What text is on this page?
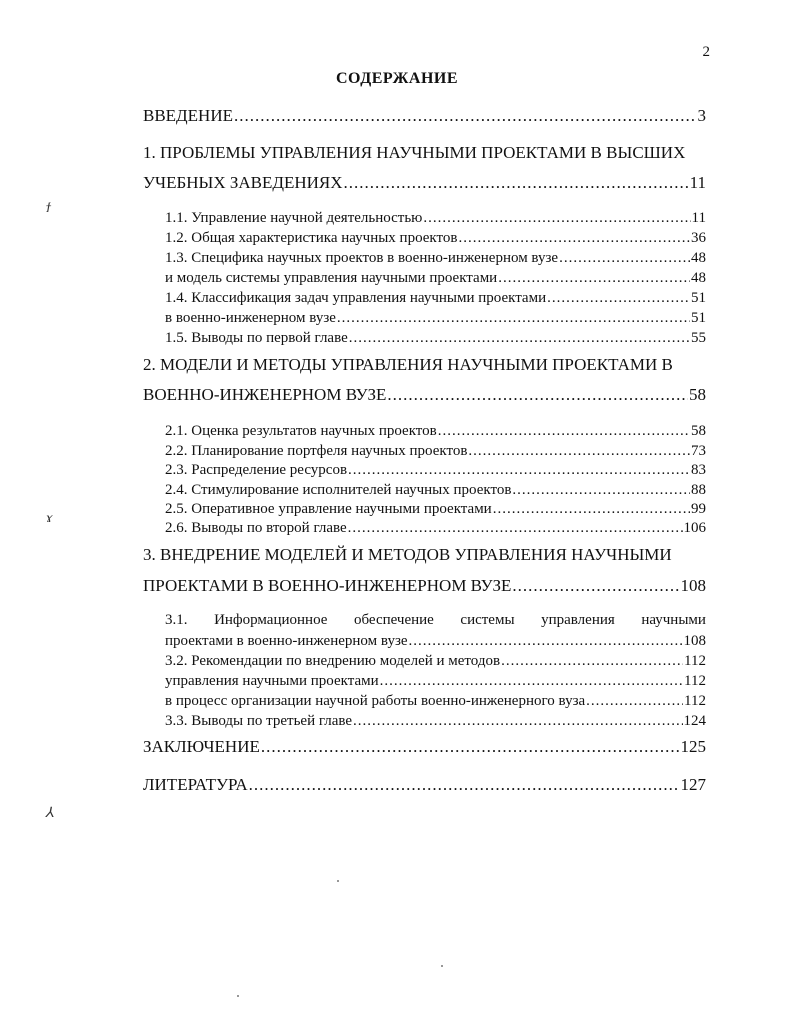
2
СОДЕРЖАНИЕ
ВВЕДЕНИЕ .....	3
1. ПРОБЛЕМЫ УПРАВЛЕНИЯ НАУЧНЫМИ ПРОЕКТАМИ В ВЫСШИХ
УЧЕБНЫХ ЗАВЕДЕНИЯХ .....	11
1.1. Управление научной деятельностью .....	11
1.2. Общая характеристика научных проектов .....	36
1.3. Специфика научных проектов в военно-инженерном вузе .....	48
и модель системы управления научными проектами .....	48
1.4. Классификация задач управления научными проектами .....	51
в военно-инженерном вузе .....	51
1.5. Выводы по первой главе .....	55
2. МОДЕЛИ И МЕТОДЫ УПРАВЛЕНИЯ НАУЧНЫМИ ПРОЕКТАМИ В
ВОЕННО-ИНЖЕНЕРНОМ ВУЗЕ .....	58
2.1. Оценка результатов научных проектов .....	58
2.2. Планирование портфеля научных проектов .....	73
2.3. Распределение ресурсов .....	83
2.4. Стимулирование исполнителей научных проектов .....	88
2.5. Оперативное управление научными проектами .....	99
2.6. Выводы по второй главе .....	106
3. ВНЕДРЕНИЕ МОДЕЛЕЙ И МЕТОДОВ УПРАВЛЕНИЯ НАУЧНЫМИ
ПРОЕКТАМИ В ВОЕННО-ИНЖЕНЕРНОМ ВУЗЕ .....	108
3.1. Информационное обеспечение системы управления научными
проектами в военно-инженерном вузе .....	108
3.2. Рекомендации по внедрению моделей и методов .....	112
управления научными проектами .....	112
в процесс организации научной работы военно-инженерного вуза .....	112
3.3. Выводы по третьей главе .....	124
ЗАКЛЮЧЕНИЕ .....	125
ЛИТЕРАТУРА .....	127
ϯ
ɤ
⅄
